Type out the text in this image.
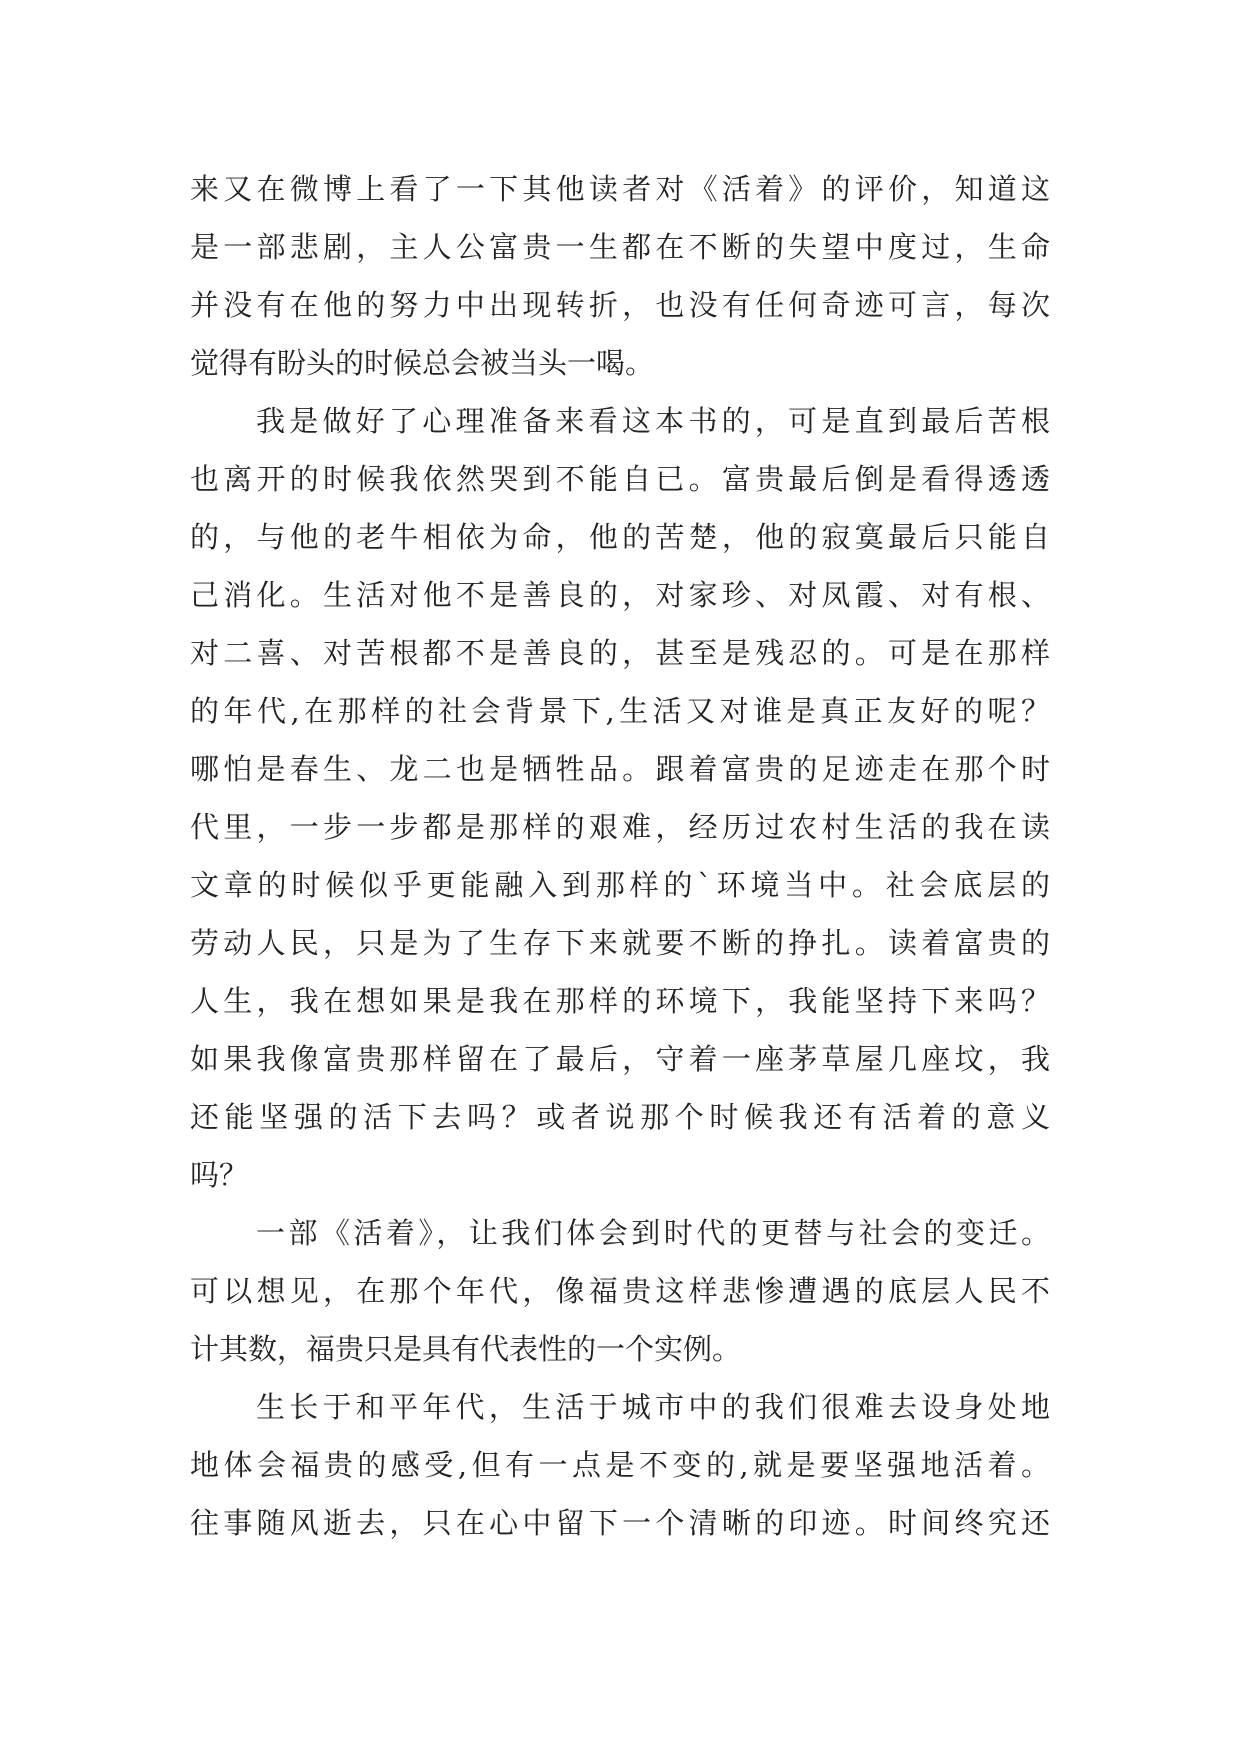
来又在微博上看了一下其他读者对《活着》的评价，知道这
是一部悲剧，主人公富贵一生都在不断的失望中度过，生命
并没有在他的努力中出现转折，也没有任何奇迹可言，每次
觉得有盼头的时候总会被当头一喝。
我是做好了心理准备来看这本书的，可是直到最后苦根
也离开的时候我依然哭到不能自已。富贵最后倒是看得透透
的，与他的老牛相依为命，他的苦楚，他的寂寞最后只能自
己消化。生活对他不是善良的，对家珍、对凤霞、对有根、
对二喜、对苦根都不是善良的，甚至是残忍的。可是在那样
的年代,在那样的社会背景下,生活又对谁是真正友好的呢？
哪怕是春生、龙二也是牺牲品。跟着富贵的足迹走在那个时
代里，一步一步都是那样的艰难，经历过农村生活的我在读
文章的时候似乎更能融入到那样的`环境当中。社会底层的
劳动人民，只是为了生存下来就要不断的挣扎。读着富贵的
人生，我在想如果是我在那样的环境下，我能坚持下来吗？
如果我像富贵那样留在了最后，守着一座茅草屋几座坟，我
还能坚强的活下去吗？或者说那个时候我还有活着的意义
吗？
一部《活着》，让我们体会到时代的更替与社会的变迁。
可以想见，在那个年代，像福贵这样悲惨遭遇的底层人民不
计其数，福贵只是具有代表性的一个实例。
生长于和平年代，生活于城市中的我们很难去设身处地
地体会福贵的感受,但有一点是不变的,就是要坚强地活着。
往事随风逝去，只在心中留下一个清晰的印迹。时间终究还
